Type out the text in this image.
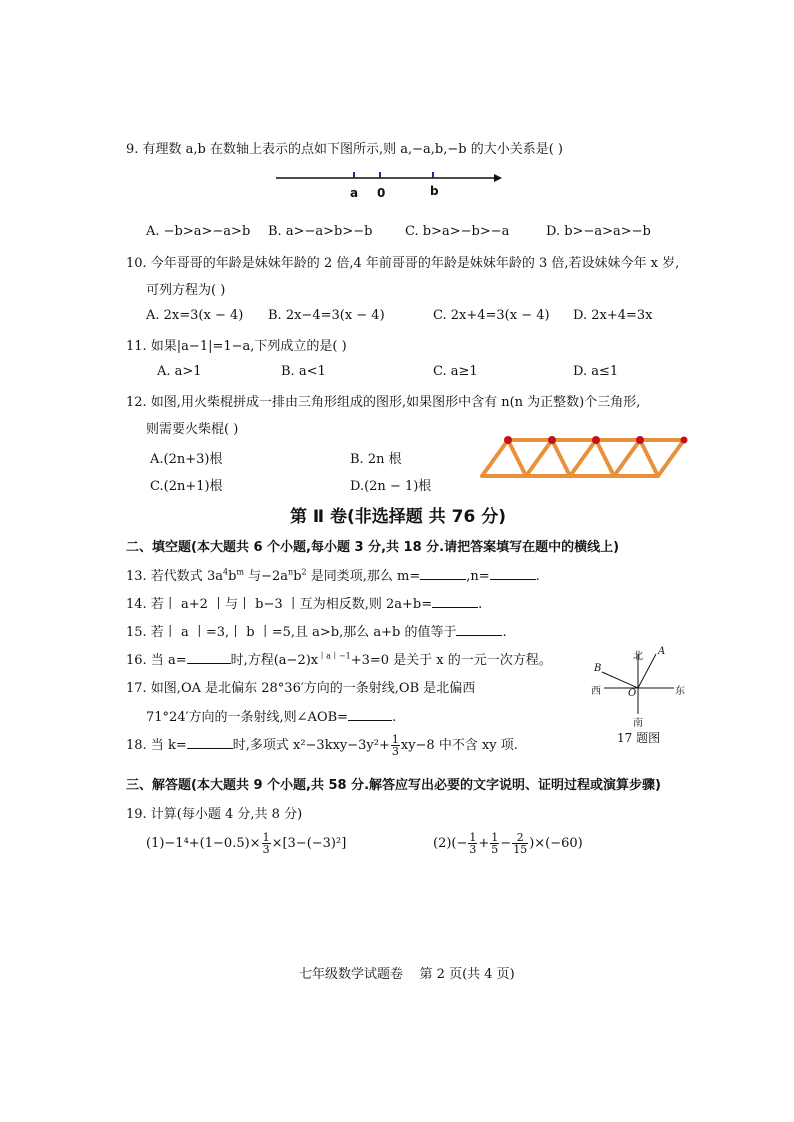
9. 有理数 a,b 在数轴上表示的点如下图所示,则 a,−a,b,−b 的大小关系是( )
a 0	b
A. −b>a>−a>b B. a>−a>b>−b	C. b>a>−b>−a	D. b>−a>a>−b
10. 今年哥哥的年龄是妹妹年龄的 2 倍,4 年前哥哥的年龄是妹妹年龄的 3 倍,若设妹妹今年 x 岁,
可列方程为( )
A. 2x=3(x − 4) B. 2x−4=3(x − 4)	C. 2x+4=3(x − 4) D. 2x+4=3x
11. 如果|a−1|=1−a,下列成立的是( )
A. a>1	B. a<1	C. a≥1	D. a≤1
12. 如图,用火柴棍拼成一排由三角形组成的图形,如果图形中含有 n(n 为正整数)个三角形,
则需要火柴棍( )
A.(2n+3)根	B. 2n 根
C.(2n+1)根	D.(2n − 1)根
第 Ⅱ 卷(非选择题 共 76 分)
二、填空题(本大题共 6 个小题,每小题 3 分,共 18 分.请把答案填写在题中的横线上)
13. 若代数式 $3a^4b^m$ 与$-2a^nb^2$ 是同类项,那么 m=	,n=	.
14. 若丨 a+2 丨与丨 b−3 丨互为相反数,则 2a+b=	.
15. 若丨 a 丨=3,丨 b 丨=5,且 a>b,那么 a+b 的值等于	.
16. 当 a=	时,方程$(a-2)x^{丨a丨-1}+3=0$ 是关于 x 的一元一次方程。
17. 如图,OA 是北偏东 28°36′方向的一条射线,OB 是北偏西
71°24′方向的一条射线,则∠AOB=	.
北
南
西	东
A
B
O
17 题图
18. 当 k=	时,多项式 $x^2-3kxy-3y^2+ \frac{1}{3} xy-8$ 中不含 xy 项.
三、解答题(本大题共 9 个小题,共 58 分.解答应写出必要的文字说明、证明过程或演算步骤)
19. 计算(每小题 4 分,共 8 分)
$(1)-1^4+(1-0.5)\times \frac{1}{3} \times[3-(-3)^2]$	$(2)(- \frac{1}{3} + \frac{1}{5} - \frac{2}{15} )\times(-60)$
七年级数学试题卷    第 2 页(共 4 页)
